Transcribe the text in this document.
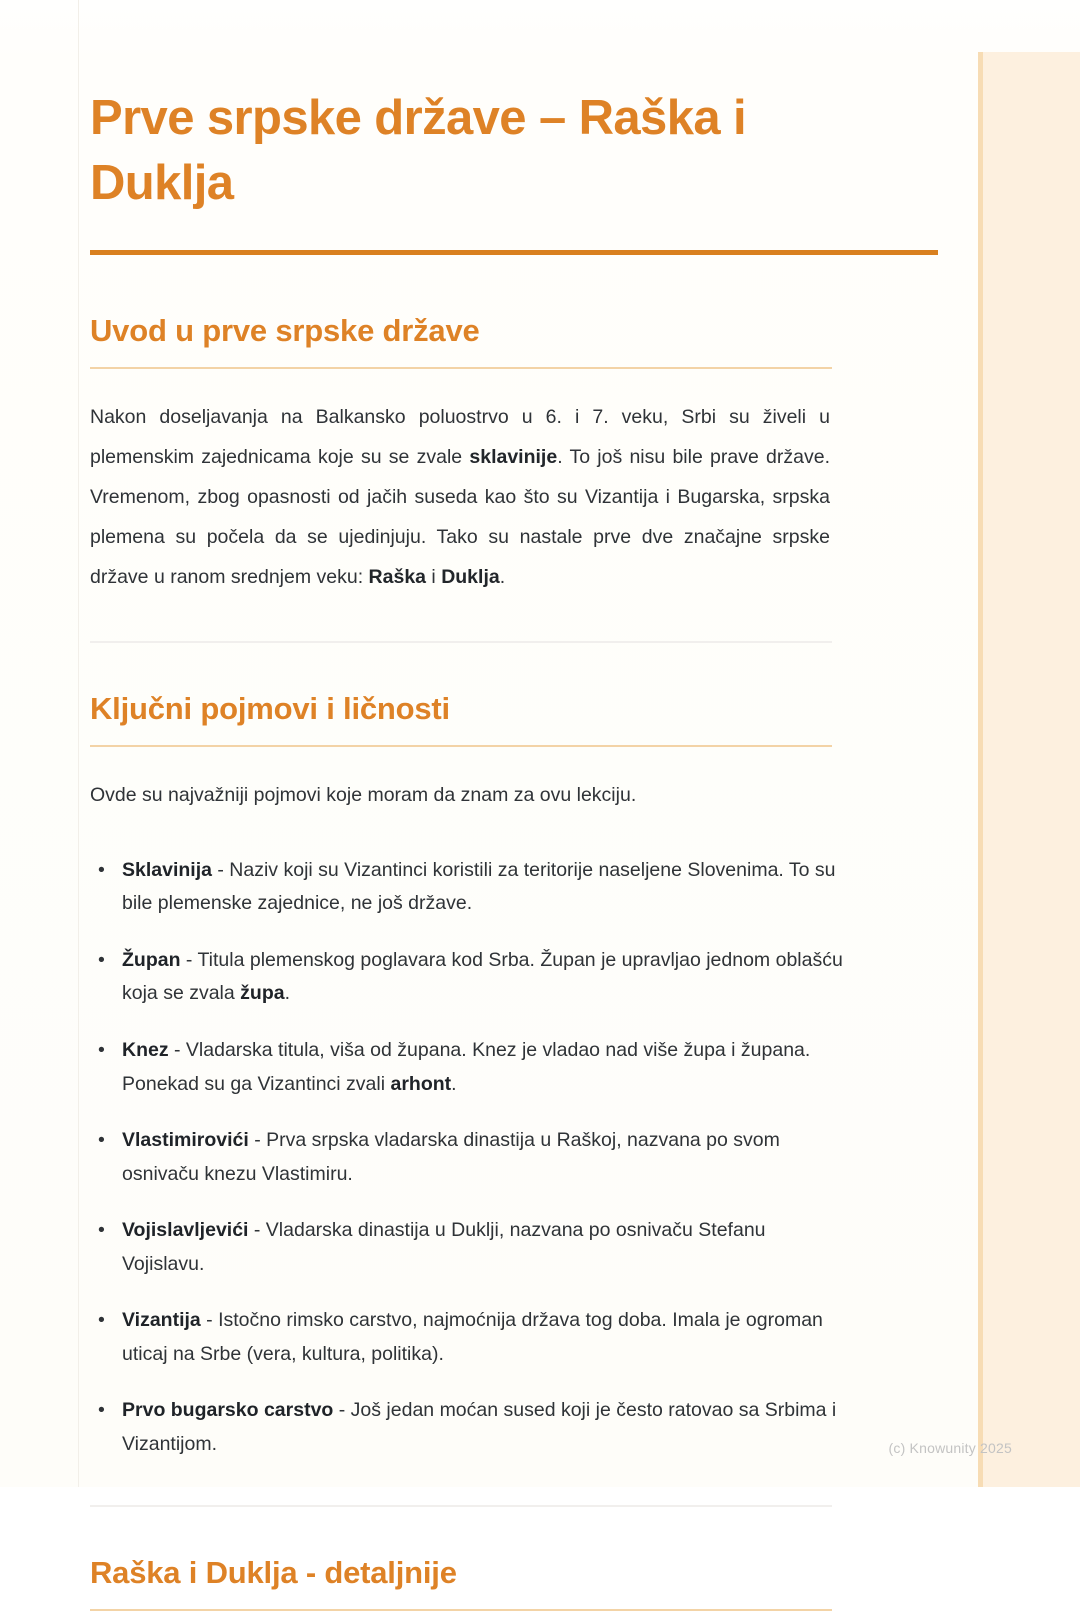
Prve srpske države – Raška i Duklja
Uvod u prve srpske države

Nakon doseljavanja na Balkansko poluostrvo u 6. i 7. veku, Srbi su živeli u plemenskim zajednicama koje su se zvale sklavinije. To još nisu bile prave države. Vremenom, zbog opasnosti od jačih suseda kao što su Vizantija i Bugarska, srpska plemena su počela da se ujedinjuju. Tako su nastale prve dve značajne srpske države u ranom srednjem veku: Raška i Duklja.

Ključni pojmovi i ličnosti

Ovde su najvažniji pojmovi koje moram da znam za ovu lekciju.

• Sklavinija - Naziv koji su Vizantinci koristili za teritorije naseljene Slovenima. To su bile plemenske zajednice, ne još države.
• Župan - Titula plemenskog poglavara kod Srba. Župan je upravljao jednom oblašću koja se zvala župa.
• Knez - Vladarska titula, viša od župana. Knez je vladao nad više župa i župana. Ponekad su ga Vizantinci zvali arhont.
• Vlastimirovići - Prva srpska vladarska dinastija u Raškoj, nazvana po svom osnivaču knezu Vlastimiru.
• Vojislavljevići - Vladarska dinastija u Duklji, nazvana po osnivaču Stefanu Vojislavu.
• Vizantija - Istočno rimsko carstvo, najmoćnija država tog doba. Imala je ogroman uticaj na Srbe (vera, kultura, politika).
• Prvo bugarsko carstvo - Još jedan moćan sused koji je često ratovao sa Srbima i Vizantijom.
Raška i Duklja - detaljnije
(c) Knowunity 2025
